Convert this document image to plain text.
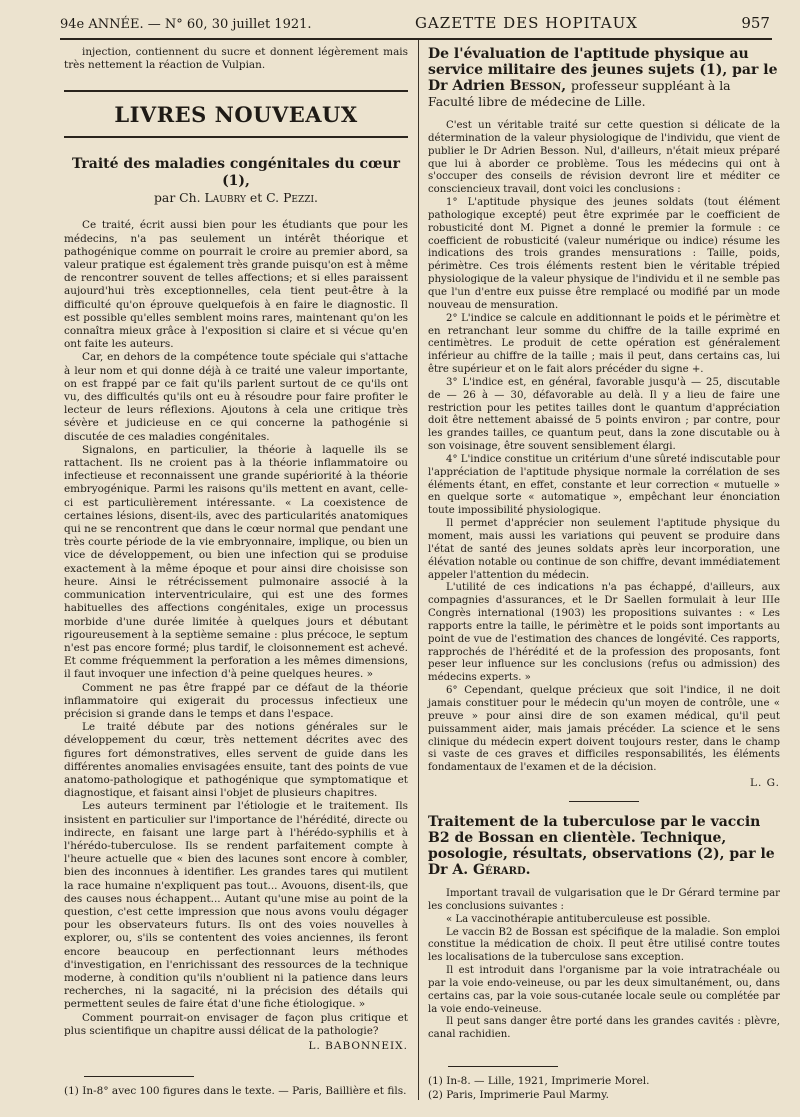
94e ANNÉE. — N° 60, 30 juillet 1921.	GAZETTE DES HOPITAUX	957

injection, contiennent du sucre et donnent légèrement mais très nettement la réaction de Vulpian.

LIVRES NOUVEAUX
Traité des maladies congénitales du cœur (1),
par Ch. Laubry et C. Pezzi.

Ce traité, écrit aussi bien pour les étudiants que pour les médecins, n'a pas seulement un intérêt théorique et pathogénique comme on pourrait le croire au premier abord, sa valeur pratique est également très grande puisqu'on est à même de rencontrer souvent de telles affections; et si elles paraissent aujourd'hui très exceptionnelles, cela tient peut-être à la difficulté qu'on éprouve quelquefois à en faire le diagnostic. Il est possible qu'elles semblent moins rares, maintenant qu'on les connaîtra mieux grâce à l'exposition si claire et si vécue qu'en ont faite les auteurs.

Car, en dehors de la compétence toute spéciale qui s'attache à leur nom et qui donne déjà à ce traité une valeur importante, on est frappé par ce fait qu'ils parlent surtout de ce qu'ils ont vu, des difficultés qu'ils ont eu à résoudre pour faire profiter le lecteur de leurs réflexions. Ajoutons à cela une critique très sévère et judicieuse en ce qui concerne la pathogénie si discutée de ces maladies congénitales.

Signalons, en particulier, la théorie à laquelle ils se rattachent. Ils ne croient pas à la théorie inflammatoire ou infectieuse et reconnaissent une grande supériorité à la théorie embryogénique. Parmi les raisons qu'ils mettent en avant, celle-ci est particulièrement intéressante. « La coexistence de certaines lésions, disent-ils, avec des particularités anatomiques qui ne se rencontrent que dans le cœur normal que pendant une très courte période de la vie embryonnaire, implique, ou bien un vice de développement, ou bien une infection qui se produise exactement à la même époque et pour ainsi dire choisisse son heure. Ainsi le rétrécissement pulmonaire associé à la communication interventriculaire, qui est une des formes habituelles des affections congénitales, exige un processus morbide d'une durée limitée à quelques jours et débutant rigoureusement à la septième semaine : plus précoce, le septum n'est pas encore formé; plus tardif, le cloisonnement est achevé. Et comme fréquemment la perforation a les mêmes dimensions, il faut invoquer une infection d'à peine quelques heures. »

Comment ne pas être frappé par ce défaut de la théorie inflammatoire qui exigerait du processus infectieux une précision si grande dans le temps et dans l'espace.

Le traité débute par des notions générales sur le développement du cœur, très nettement décrites avec des figures fort démonstratives, elles servent de guide dans les différentes anomalies envisagées ensuite, tant des points de vue anatomo-pathologique et pathogénique que symptomatique et diagnostique, et faisant ainsi l'objet de plusieurs chapitres.

Les auteurs terminent par l'étiologie et le traitement. Ils insistent en particulier sur l'importance de l'hérédité, directe ou indirecte, en faisant une large part à l'hérédo-syphilis et à l'hérédo-tuberculose. Ils se rendent parfaitement compte à l'heure actuelle que « bien des lacunes sont encore à combler, bien des inconnues à identifier. Les grandes tares qui mutilent la race humaine n'expliquent pas tout... Avouons, disent-ils, que des causes nous échappent... Autant qu'une mise au point de la question, c'est cette impression que nous avons voulu dégager pour les observateurs futurs. Ils ont des voies nouvelles à explorer, ou, s'ils se contentent des voies anciennes, ils feront encore beaucoup en perfectionnant leurs méthodes d'investigation, en l'enrichissant des ressources de la technique moderne, à condition qu'ils n'oublient ni la patience dans leurs recherches, ni la sagacité, ni la précision des détails qui permettent seules de faire état d'une fiche étiologique. »

Comment pourrait-on envisager de façon plus critique et plus scientifique un chapitre aussi délicat de la pathologie?

L. BABONNEIX.

(1) In-8° avec 100 figures dans le texte. — Paris, Baillière et fils.

De l'évaluation de l'aptitude physique au service militaire des jeunes sujets (1), par le Dr Adrien Besson, professeur suppléant à la Faculté libre de médecine de Lille.

C'est un véritable traité sur cette question si délicate de la détermination de la valeur physiologique de l'individu, que vient de publier le Dr Adrien Besson. Nul, d'ailleurs, n'était mieux préparé que lui à aborder ce problème. Tous les médecins qui ont à s'occuper des conseils de révision devront lire et méditer ce consciencieux travail, dont voici les conclusions :

1° L'aptitude physique des jeunes soldats (tout élément pathologique excepté) peut être exprimée par le coefficient de robusticité dont M. Pignet a donné le premier la formule : ce coefficient de robusticité (valeur numérique ou indice) résume les indications des trois grandes mensurations : Taille, poids, périmètre. Ces trois éléments restent bien le véritable trépied physiologique de la valeur physique de l'individu et il ne semble pas que l'un d'entre eux puisse être remplacé ou modifié par un mode nouveau de mensuration.

2° L'indice se calcule en additionnant le poids et le périmètre et en retranchant leur somme du chiffre de la taille exprimé en centimètres. Le produit de cette opération est généralement inférieur au chiffre de la taille ; mais il peut, dans certains cas, lui être supérieur et on le fait alors précéder du signe +.

3° L'indice est, en général, favorable jusqu'à — 25, discutable de — 26 à — 30, défavorable au delà. Il y a lieu de faire une restriction pour les petites tailles dont le quantum d'appréciation doit être nettement abaissé de 5 points environ ; par contre, pour les grandes tailles, ce quantum peut, dans la zone discutable ou à son voisinage, être souvent sensiblement élargi.

4° L'indice constitue un critérium d'une sûreté indiscutable pour l'appréciation de l'aptitude physique normale la corrélation de ses éléments étant, en effet, constante et leur correction « mutuelle » en quelque sorte « automatique », empêchant leur énonciation toute impossibilité physiologique.

Il permet d'apprécier non seulement l'aptitude physique du moment, mais aussi les variations qui peuvent se produire dans l'état de santé des jeunes soldats après leur incorporation, une élévation notable ou continue de son chiffre, devant immédiatement appeler l'attention du médecin.

L'utilité de ces indications n'a pas échappé, d'ailleurs, aux compagnies d'assurances, et le Dr Saellen formulait à leur IIIe Congrès international (1903) les propositions suivantes : « Les rapports entre la taille, le périmètre et le poids sont importants au point de vue de l'estimation des chances de longévité. Ces rapports, rapprochés de l'hérédité et de la profession des proposants, font peser leur influence sur les conclusions (refus ou admission) des médecins experts. »

6° Cependant, quelque précieux que soit l'indice, il ne doit jamais constituer pour le médecin qu'un moyen de contrôle, une « preuve » pour ainsi dire de son examen médical, qu'il peut puissamment aider, mais jamais précéder. La science et le sens clinique du médecin expert doivent toujours rester, dans le champ si vaste de ces graves et difficiles responsabilités, les éléments fondamentaux de l'examen et de la décision.

L. G.
Traitement de la tuberculose par le vaccin B2 de Bossan en clientèle. Technique, posologie, résultats, observations (2), par le Dr A. Gérard.

Important travail de vulgarisation que le Dr Gérard termine par les conclusions suivantes :

« La vaccinothérapie antituberculeuse est possible.

Le vaccin B2 de Bossan est spécifique de la maladie. Son emploi constitue la médication de choix. Il peut être utilisé contre toutes les localisations de la tuberculose sans exception.

Il est introduit dans l'organisme par la voie intratrachéale ou par la voie endo-veineuse, ou par les deux simultanément, ou, dans certains cas, par la voie sous-cutanée locale seule ou complétée par la voie endo-veineuse.

Il peut sans danger être porté dans les grandes cavités : plèvre, canal rachidien.

(1) In-8. — Lille, 1921, Imprimerie Morel.

(2) Paris, Imprimerie Paul Marmy.
